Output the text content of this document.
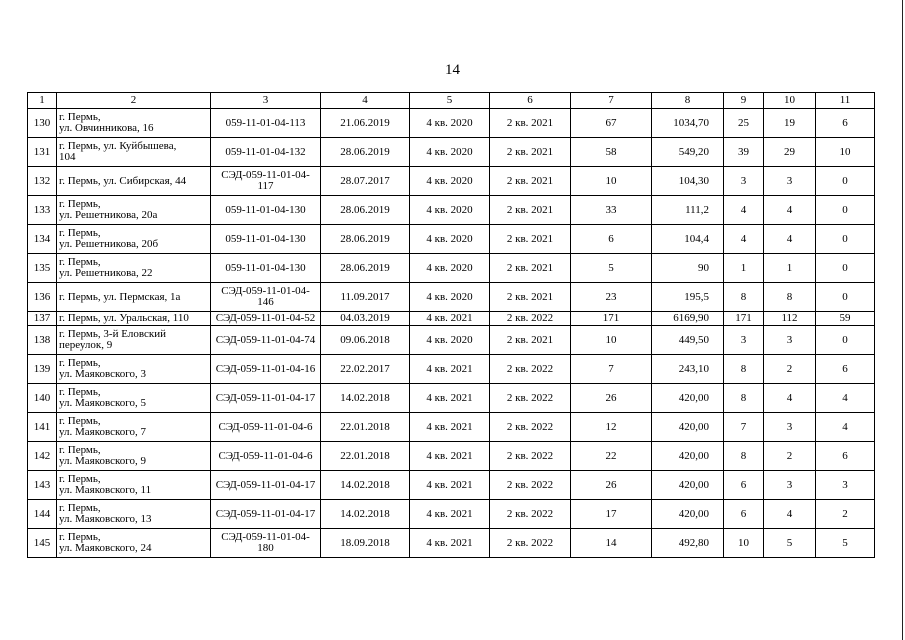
14
1	2	3	4	5	6	7	8	9	10	11
130	г. Пермь,
ул. Овчинникова, 16	059-11-01-04-113	21.06.2019	4 кв. 2020	2 кв. 2021	67	1034,70	25	19	6
131	г. Пермь, ул. Куйбышева,
104	059-11-01-04-132	28.06.2019	4 кв. 2020	2 кв. 2021	58	549,20	39	29	10
132	г. Пермь, ул. Сибирская, 44	СЭД-059-11-01-04-
117	28.07.2017	4 кв. 2020	2 кв. 2021	10	104,30	3	3	0
133	г. Пермь,
ул. Решетникова, 20а	059-11-01-04-130	28.06.2019	4 кв. 2020	2 кв. 2021	33	111,2	4	4	0
134	г. Пермь,
ул. Решетникова, 20б	059-11-01-04-130	28.06.2019	4 кв. 2020	2 кв. 2021	6	104,4	4	4	0
135	г. Пермь,
ул. Решетникова, 22	059-11-01-04-130	28.06.2019	4 кв. 2020	2 кв. 2021	5	90	1	1	0
136	г. Пермь, ул. Пермская, 1а	СЭД-059-11-01-04-
146	11.09.2017	4 кв. 2020	2 кв. 2021	23	195,5	8	8	0
137	г. Пермь, ул. Уральская, 110	СЭД-059-11-01-04-52	04.03.2019	4 кв. 2021	2 кв. 2022	171	6169,90	171	112	59
138	г. Пермь, 3-й Еловский
переулок, 9	СЭД-059-11-01-04-74	09.06.2018	4 кв. 2020	2 кв. 2021	10	449,50	3	3	0
139	г. Пермь,
ул. Маяковского, 3	СЭД-059-11-01-04-16	22.02.2017	4 кв. 2021	2 кв. 2022	7	243,10	8	2	6
140	г. Пермь,
ул. Маяковского, 5	СЭД-059-11-01-04-17	14.02.2018	4 кв. 2021	2 кв. 2022	26	420,00	8	4	4
141	г. Пермь,
ул. Маяковского, 7	СЭД-059-11-01-04-6	22.01.2018	4 кв. 2021	2 кв. 2022	12	420,00	7	3	4
142	г. Пермь,
ул. Маяковского, 9	СЭД-059-11-01-04-6	22.01.2018	4 кв. 2021	2 кв. 2022	22	420,00	8	2	6
143	г. Пермь,
ул. Маяковского, 11	СЭД-059-11-01-04-17	14.02.2018	4 кв. 2021	2 кв. 2022	26	420,00	6	3	3
144	г. Пермь,
ул. Маяковского, 13	СЭД-059-11-01-04-17	14.02.2018	4 кв. 2021	2 кв. 2022	17	420,00	6	4	2
145	г. Пермь,
ул. Маяковского, 24	СЭД-059-11-01-04-
180	18.09.2018	4 кв. 2021	2 кв. 2022	14	492,80	10	5	5
